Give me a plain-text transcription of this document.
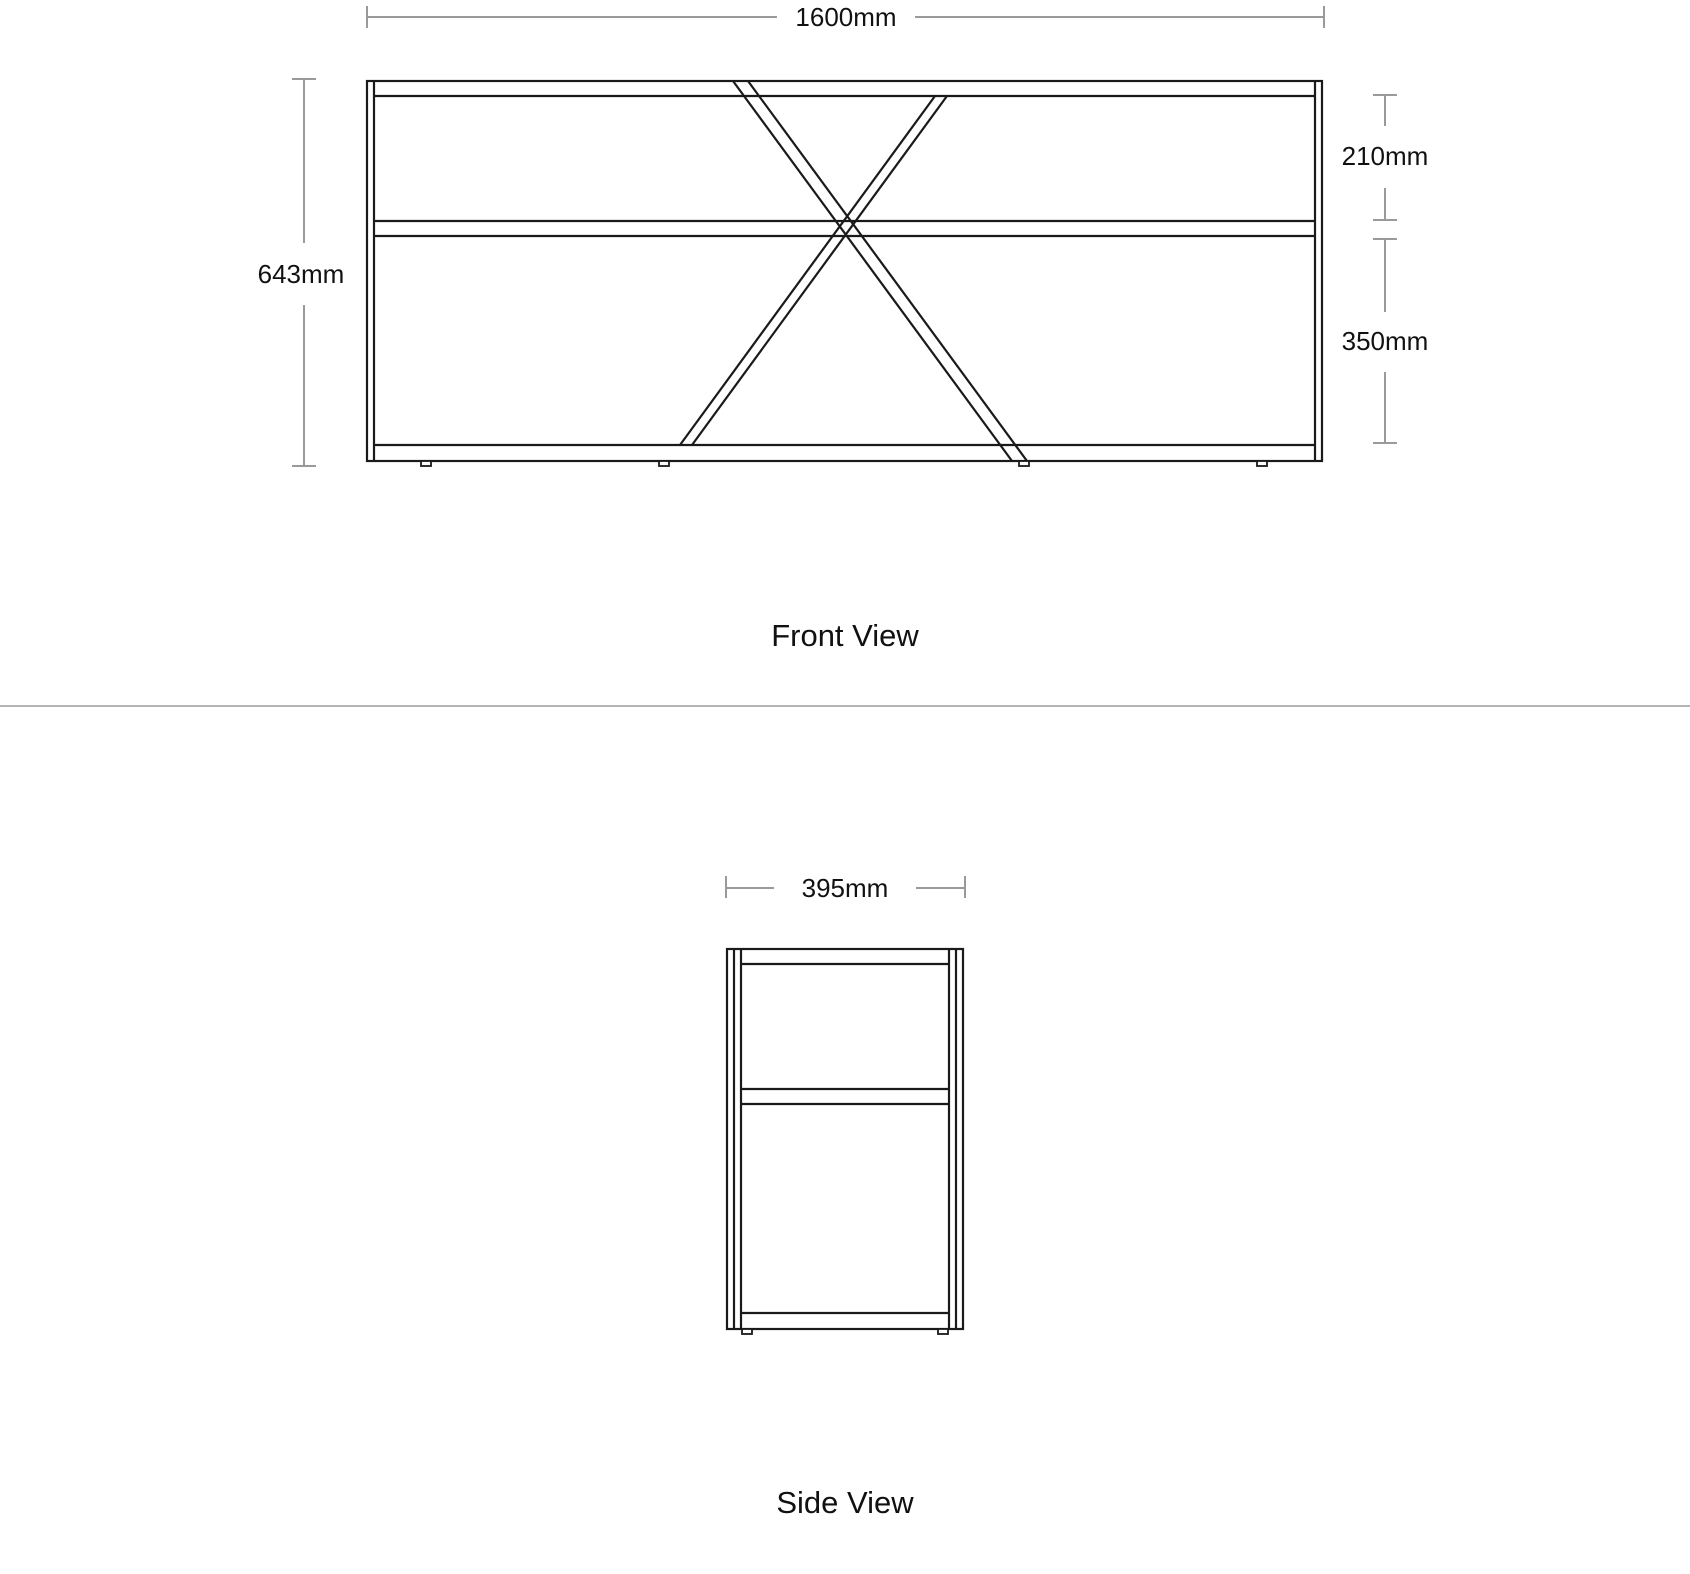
1600mm
643mm
210mm
350mm
Front View
395mm
Side View
